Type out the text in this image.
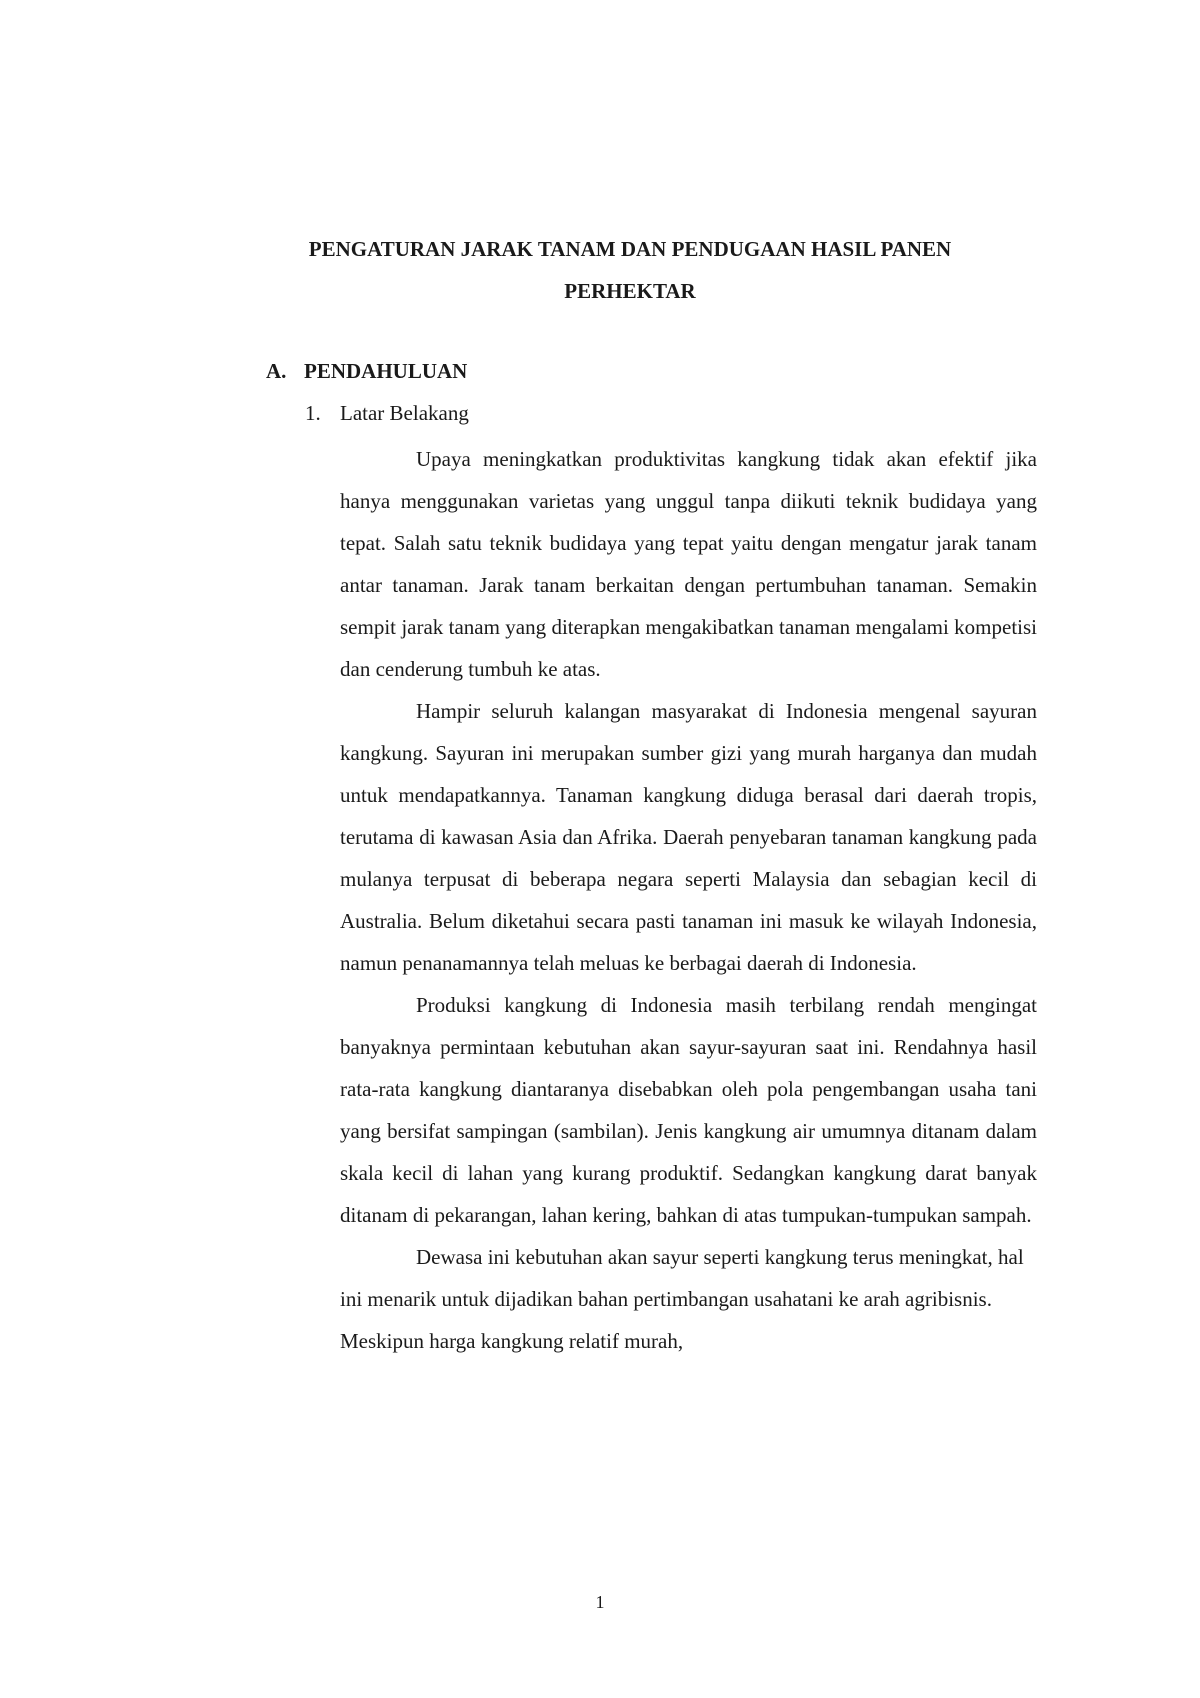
PENGATURAN JARAK TANAM DAN PENDUGAAN HASIL PANEN
PERHEKTAR
A. PENDAHULUAN
1. Latar Belakang

Upaya meningkatkan produktivitas kangkung tidak akan efektif jika hanya menggunakan varietas yang unggul tanpa diikuti teknik budidaya yang tepat. Salah satu teknik budidaya yang tepat yaitu dengan mengatur jarak tanam antar tanaman. Jarak tanam berkaitan dengan pertumbuhan tanaman. Semakin sempit jarak tanam yang diterapkan mengakibatkan tanaman mengalami kompetisi dan cenderung tumbuh ke atas.

Hampir seluruh kalangan masyarakat di Indonesia mengenal sayuran kangkung. Sayuran ini merupakan sumber gizi yang murah harganya dan mudah untuk mendapatkannya. Tanaman kangkung diduga berasal dari daerah tropis, terutama di kawasan Asia dan Afrika. Daerah penyebaran tanaman kangkung pada mulanya terpusat di beberapa negara seperti Malaysia dan sebagian kecil di Australia. Belum diketahui secara pasti tanaman ini masuk ke wilayah Indonesia, namun penanamannya telah meluas ke berbagai daerah di Indonesia.

Produksi kangkung di Indonesia masih terbilang rendah mengingat banyaknya permintaan kebutuhan akan sayur-sayuran saat ini. Rendahnya hasil rata-rata kangkung diantaranya disebabkan oleh pola pengembangan usaha tani yang bersifat sampingan (sambilan). Jenis kangkung air umumnya ditanam dalam skala kecil di lahan yang kurang produktif. Sedangkan kangkung darat banyak ditanam di pekarangan, lahan kering, bahkan di atas tumpukan-tumpukan sampah.

Dewasa ini kebutuhan akan sayur seperti kangkung terus meningkat, hal ini menarik untuk dijadikan bahan pertimbangan usahatani ke arah agribisnis. Meskipun harga kangkung relatif murah,

1
